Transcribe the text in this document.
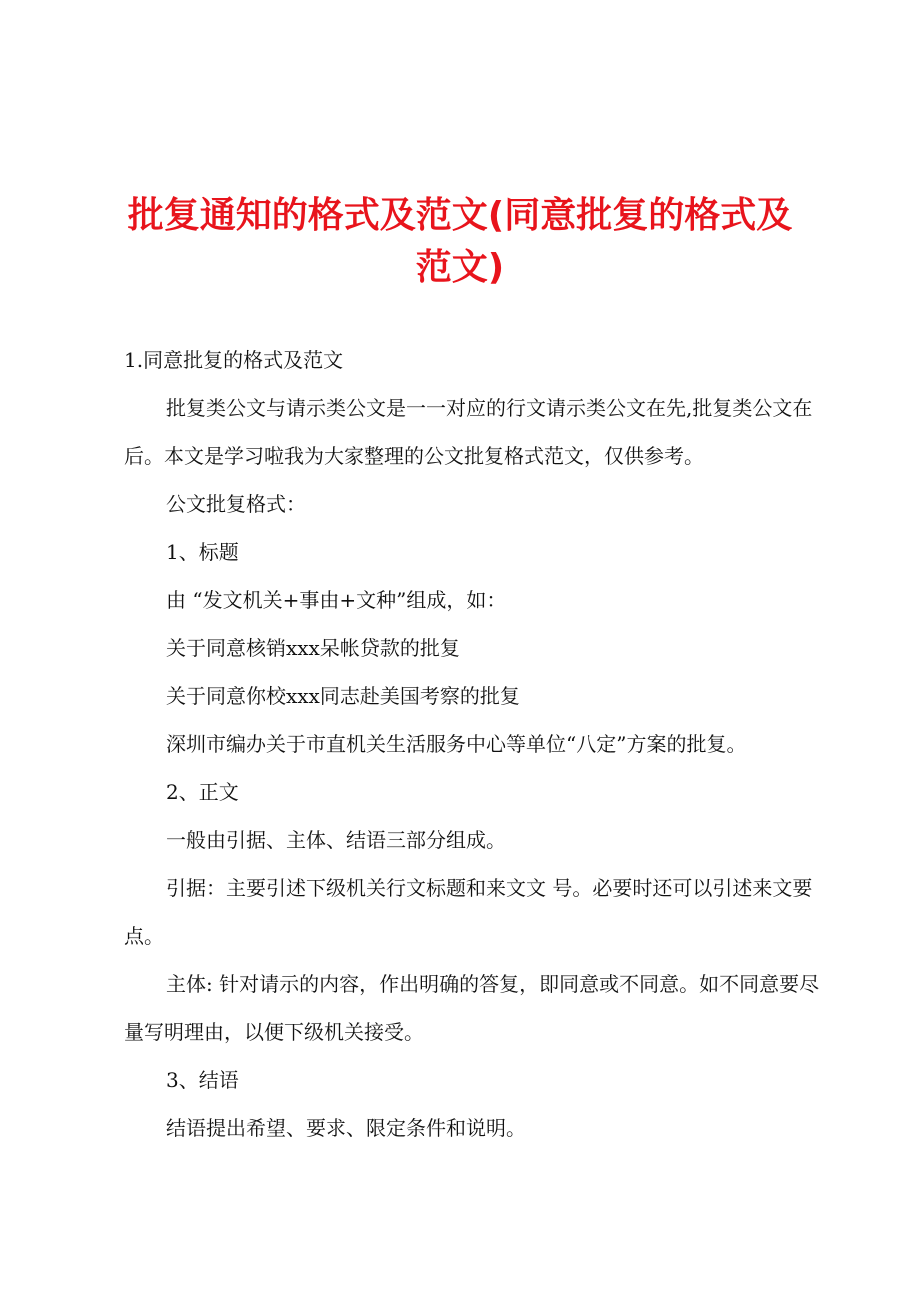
批复通知的格式及范文(同意批复的格式及范文)

1.同意批复的格式及范文

批复类公文与请示类公文是一一对应的行文请示类公文在先,批复类公文在后。本文是学习啦我为大家整理的公文批复格式范文，仅供参考。

公文批复格式：

1、标题

由 “发文机关+事由+文种”组成，如：

关于同意核销xxx呆帐贷款的批复

关于同意你校xxx同志赴美国考察的批复

深圳市编办关于市直机关生活服务中心等单位“八定”方案的批复。

2、正文

一般由引据、主体、结语三部分组成。

引据：主要引述下级机关行文标题和来文文 号。必要时还可以引述来文要点。

主体: 针对请示的内容，作出明确的答复，即同意或不同意。如不同意要尽量写明理由，以便下级机关接受。

3、结语

结语提出希望、要求、限定条件和说明。
